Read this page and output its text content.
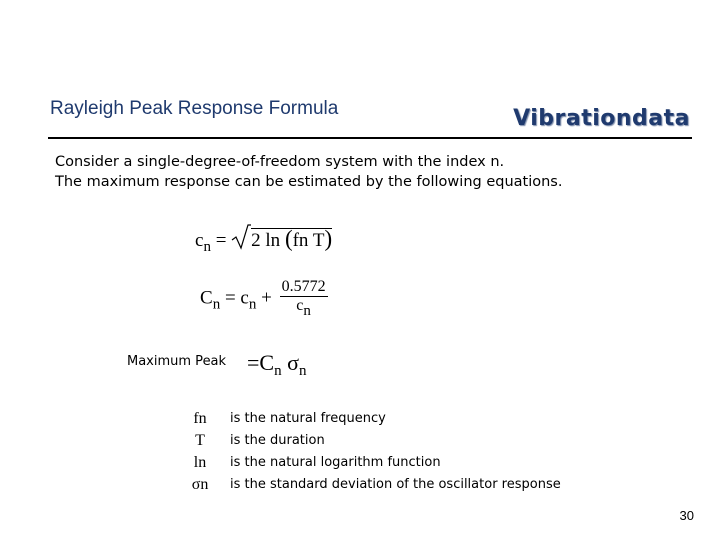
Rayleigh Peak Response Formula	Vibrationdata
Consider a single-degree-of-freedom system with the index n.
The maximum response can be estimated by the following equations.
$c_n = 2$ ln (fn T)
$C_n = c_n + \frac{0.5772}{cn}$
Maximum Peak $=C_n$ $\sigma_n$
fn	is the natural frequency
T	is the duration
ln	is the natural logarithm function
σn	is the standard deviation of the oscillator response
30
